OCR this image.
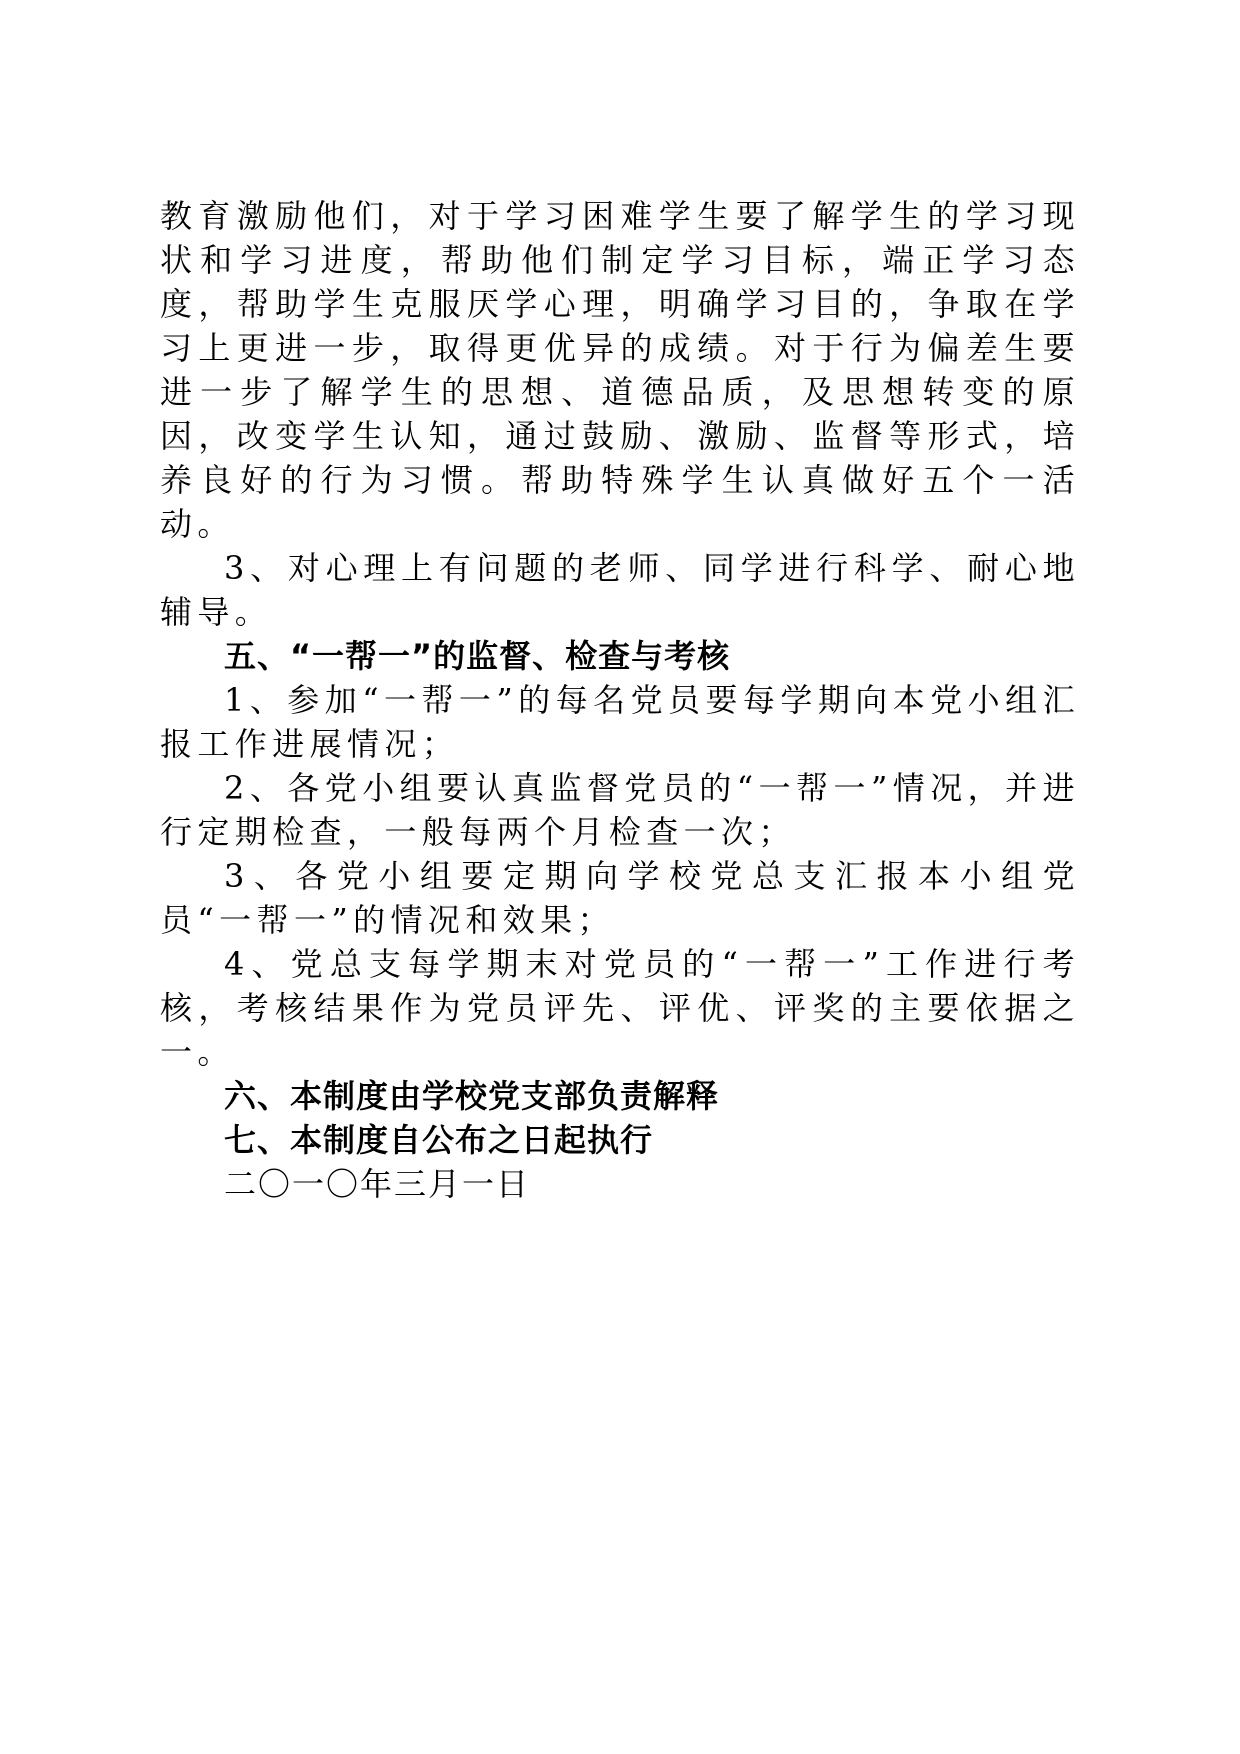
教育激励他们，对于学习困难学生要了解学生的学习现状和学习进度，帮助他们制定学习目标，端正学习态度，帮助学生克服厌学心理，明确学习目的，争取在学习上更进一步，取得更优异的成绩。对于行为偏差生要进一步了解学生的思想、道德品质，及思想转变的原因，改变学生认知，通过鼓励、激励、监督等形式，培养良好的行为习惯。帮助特殊学生认真做好五个一活动。

3、对心理上有问题的老师、同学进行科学、耐心地辅导。

五、“一帮一”的监督、检查与考核

1、参加“一帮一”的每名党员要每学期向本党小组汇报工作进展情况；

2、各党小组要认真监督党员的“一帮一”情况，并进行定期检查，一般每两个月检查一次；

3、各党小组要定期向学校党总支汇报本小组党员“一帮一”的情况和效果；

4、党总支每学期末对党员的“一帮一”工作进行考核，考核结果作为党员评先、评优、评奖的主要依据之一。

六、本制度由学校党支部负责解释

七、本制度自公布之日起执行

二〇一〇年三月一日
